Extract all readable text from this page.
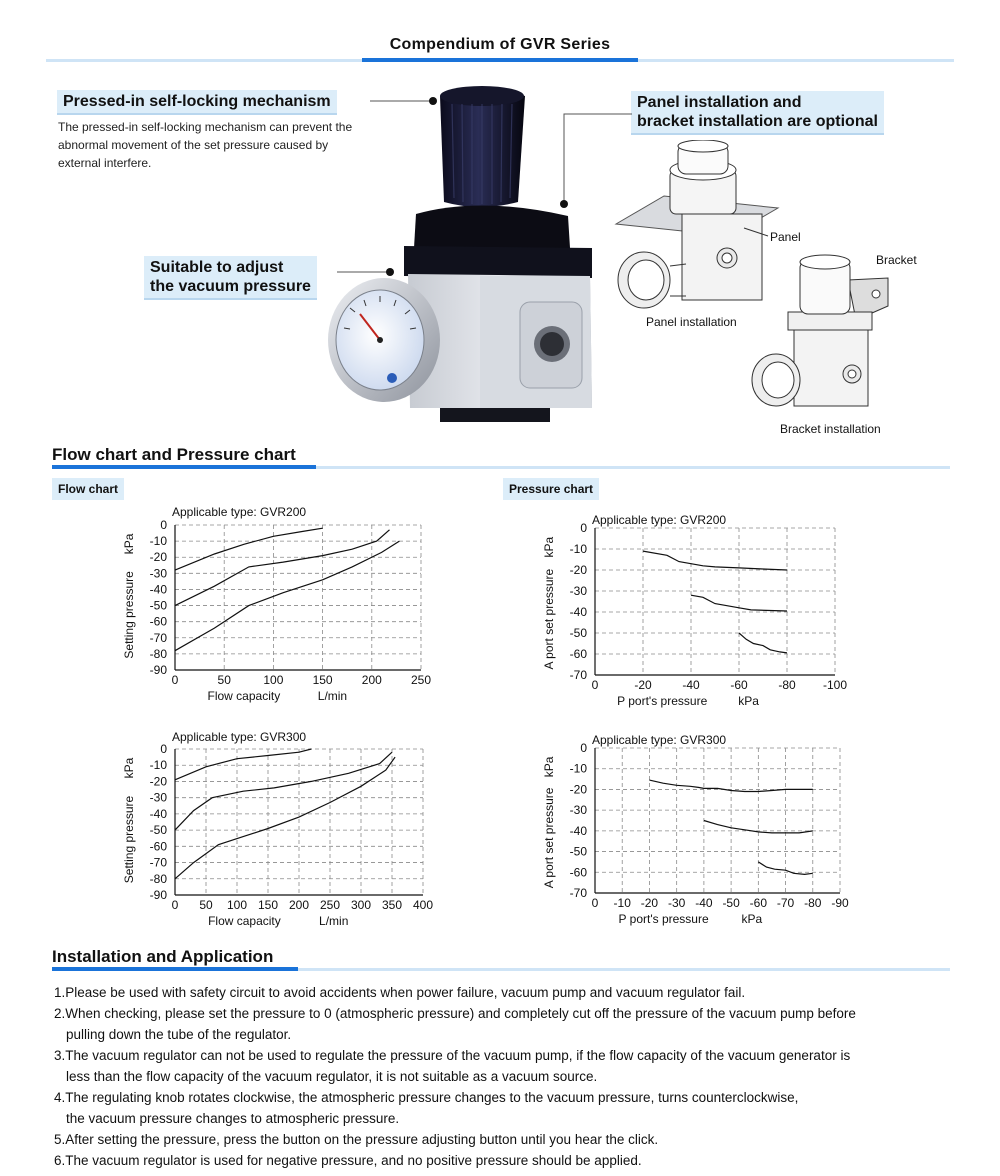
Compendium of GVR Series
Pressed-in self-locking mechanism
The pressed-in self-locking mechanism can prevent the
abnormal movement of the set pressure caused by
external interfere.
Suitable to adjust
the vacuum pressure
Panel installation and
bracket installation are optional
Panel
Panel installation
Bracket
Bracket installation
Flow chart and Pressure chart
Flow chart	Pressure chart
0	50	100 150 200 250
0
-10
-20
-30
-40
-50
-60
-70
-80
-90
Applicable type: GVR200
Flow capacity	L/min
Setting pressure
kPa
0 50 100 150 200 250 300 350 400
0
-10
-20
-30
-40
-50
-60
-70
-80
-90
Applicable type: GVR300
Flow capacity	L/min
Setting pressure
kPa
0	-20	-40	-60	-80 -100
0
-10
-20
-30
-40
-50
-60
-70
Applicable type: GVR200
P port's pressure	kPa
A port set pressure
kPa
0 -10 -20 -30 -40 -50 -60 -70 -80 -90
0
-10
-20
-30
-40
-50
-60
-70
Applicable type: GVR300
P port's pressure	kPa
A port set pressure
kPa
Installation and Application
1.Please be used with safety circuit to avoid accidents when power failure, vacuum pump and vacuum regulator fail.
2.When checking, please set the pressure to 0 (atmospheric pressure) and completely cut off the pressure of the vacuum pump before
pulling down the tube of the regulator.
3.The vacuum regulator can not be used to regulate the pressure of the vacuum pump, if the flow capacity of the vacuum generator is
less than the flow capacity of the vacuum regulator, it is not suitable as a vacuum source.
4.The regulating knob rotates clockwise, the atmospheric pressure changes to the vacuum pressure, turns counterclockwise,
the vacuum pressure changes to atmospheric pressure.
5.After setting the pressure, press the button on the pressure adjusting button until you hear the click.
6.The vacuum regulator is used for negative pressure, and no positive pressure should be applied.
